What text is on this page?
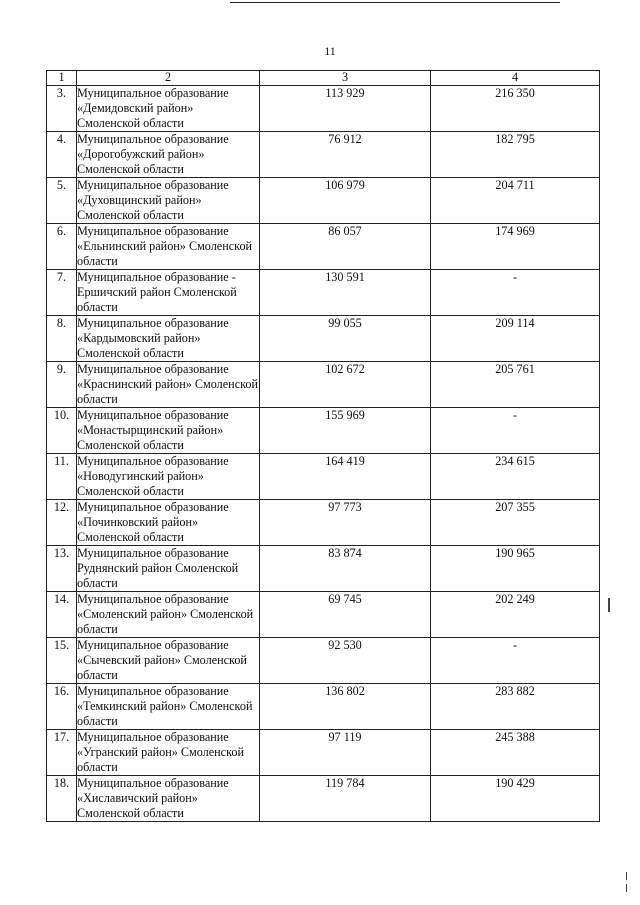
11
1	2	3	4
3.	Муниципальное образование «Демидовский район» Смоленской области	113 929	216 350
4.	Муниципальное образование «Дорогобужский район» Смоленской области	76 912	182 795
5.	Муниципальное образование «Духовщинский район» Смоленской области	106 979	204 711
6.	Муниципальное образование «Ельнинский район» Смоленской области	86 057	174 969
7.	Муниципальное образование - Ершичский район Смоленской области	130 591	-
8.	Муниципальное образование «Кардымовский район» Смоленской области	99 055	209 114
9.	Муниципальное образование «Краснинский район» Смоленской области	102 672	205 761
10.	Муниципальное образование «Монастырщинский район» Смоленской области	155 969	-
11.	Муниципальное образование «Новодугинский район» Смоленской области	164 419	234 615
12.	Муниципальное образование «Починковский район» Смоленской области	97 773	207 355
13.	Муниципальное образование Руднянский район Смоленской области	83 874	190 965
14.	Муниципальное образование «Смоленский район» Смоленской области	69 745	202 249
15.	Муниципальное образование «Сычевский район» Смоленской области	92 530	-
16.	Муниципальное образование «Темкинский район» Смоленской области	136 802	283 882
17.	Муниципальное образование «Угранский район» Смоленской области	97 119	245 388
18.	Муниципальное образование «Хиславичский район» Смоленской области	119 784	190 429
